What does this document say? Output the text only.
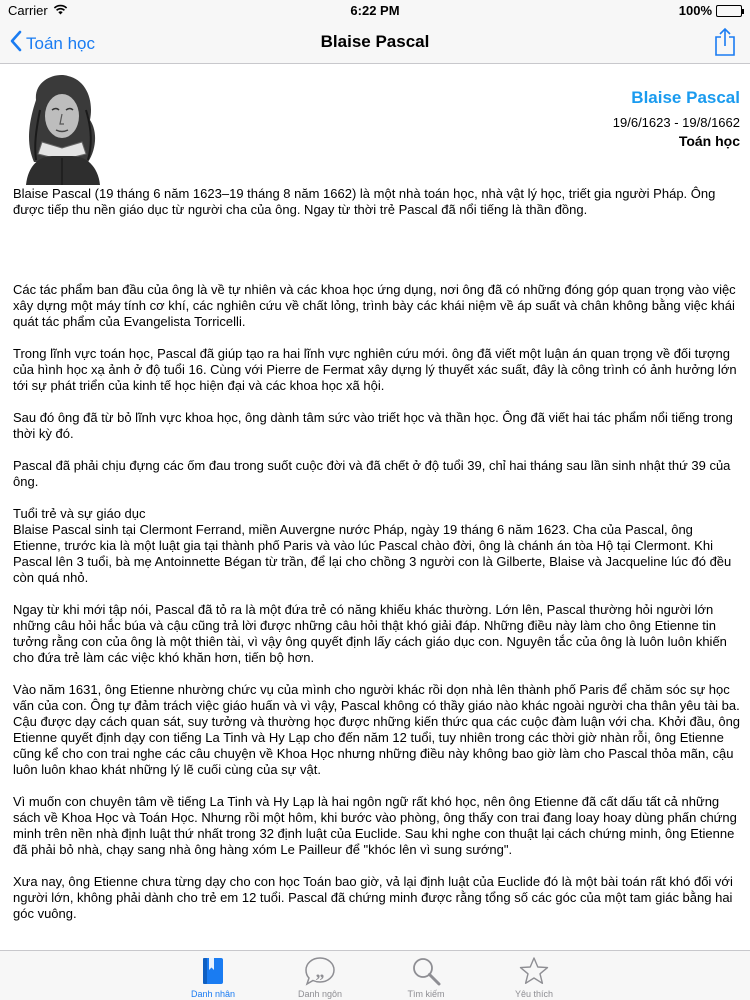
Carrier	6:22 PM	100%
Toán học	Blaise Pascal
Blaise Pascal
19/6/1623 - 19/8/1662
Toán học

Blaise Pascal (19 tháng 6 năm 1623–19 tháng 8 năm 1662) là một nhà toán học, nhà vật lý học, triết gia người Pháp. Ông được tiếp thu nền giáo dục từ người cha của ông. Ngay từ thời trẻ Pascal đã nổi tiếng là thần đồng.

Các tác phẩm ban đầu của ông là về tự nhiên và các khoa học ứng dụng, nơi ông đã có những đóng góp quan trọng vào việc xây dựng một máy tính cơ khí, các nghiên cứu về chất lỏng, trình bày các khái niệm về áp suất và chân không bằng việc khái quát tác phẩm của Evangelista Torricelli.

Trong lĩnh vực toán học, Pascal đã giúp tạo ra hai lĩnh vực nghiên cứu mới. ông đã viết một luận án quan trọng về đối tượng của hình học xạ ảnh ở độ tuổi 16. Cùng với Pierre de Fermat xây dựng lý thuyết xác suất, đây là công trình có ảnh hưởng lớn tới sự phát triển của kinh tế học hiện đại và các khoa học xã hội.

Sau đó ông đã từ bỏ lĩnh vực khoa học, ông dành tâm sức vào triết học và thần học. Ông đã viết hai tác phẩm nổi tiếng trong thời kỳ đó.

Pascal đã phải chịu đựng các ốm đau trong suốt cuộc đời và đã chết ở độ tuổi 39, chỉ hai tháng sau lần sinh nhật thứ 39 của ông.

Tuổi trẻ và sự giáo dục

Blaise Pascal sinh tại Clermont Ferrand, miền Auvergne nước Pháp, ngày 19 tháng 6 năm 1623. Cha của Pascal, ông Etienne, trước kia là một luật gia tại thành phố Paris và vào lúc Pascal chào đời, ông là chánh án tòa Hộ tại Clermont. Khi Pascal lên 3 tuổi, bà mẹ Antoinnette Bégan từ trần, để lại cho chồng 3 người con là Gilberte, Blaise và Jacqueline lúc đó đều còn quá nhỏ.

Ngay từ khi mới tập nói, Pascal đã tỏ ra là một đứa trẻ có năng khiếu khác thường. Lớn lên, Pascal thường hỏi người lớn những câu hỏi hắc búa và cậu cũng trả lời được những câu hỏi thật khó giải đáp. Những điều này làm cho ông Etienne tin tưởng rằng con của ông là một thiên tài, vì vậy ông quyết định lấy cách giáo dục con. Nguyên tắc của ông là luôn luôn khiến cho đứa trẻ làm các việc khó khăn hơn, tiến bộ hơn.

Vào năm 1631, ông Etienne nhường chức vụ của mình cho người khác rồi dọn nhà lên thành phố Paris để chăm sóc sự học vấn của con. Ông tự đảm trách việc giáo huấn và vì vậy, Pascal không có thầy giáo nào khác ngoài người cha thân yêu tài ba. Cậu được dạy cách quan sát, suy tưởng và thường học được những kiến thức qua các cuộc đàm luận với cha. Khởi đầu, ông Etienne quyết định dạy con tiếng La Tinh và Hy Lạp cho đến năm 12 tuổi, tuy nhiên trong các thời giờ nhàn rỗi, ông Etienne cũng kể cho con trai nghe các câu chuyện về Khoa Học nhưng những điều này không bao giờ làm cho Pascal thỏa mãn, cậu luôn luôn khao khát những lý lẽ cuối cùng của sự vật.

Vì muốn con chuyên tâm về tiếng La Tinh và Hy Lạp là hai ngôn ngữ rất khó học, nên ông Etienne đã cất dấu tất cả những sách về Khoa Học và Toán Học. Nhưng rồi một hôm, khi bước vào phòng, ông thấy con trai đang loay hoay dùng phấn chứng minh trên nền nhà định luật thứ nhất trong 32 định luật của Euclide. Sau khi nghe con thuật lại cách chứng minh, ông Etienne đã phải bỏ nhà, chạy sang nhà ông hàng xóm Le Pailleur để "khóc lên vì sung sướng".

Xưa nay, ông Etienne chưa từng dạy cho con học Toán bao giờ, vả lại định luật của Euclide đó là một bài toán rất khó đối với người lớn, không phải dành cho trẻ em 12 tuổi. Pascal đã chứng minh được rằng tổng số các góc của một tam giác bằng hai góc vuông.

Danh nhân
„
Danh ngôn	Tìm kiếm	Yêu thích
